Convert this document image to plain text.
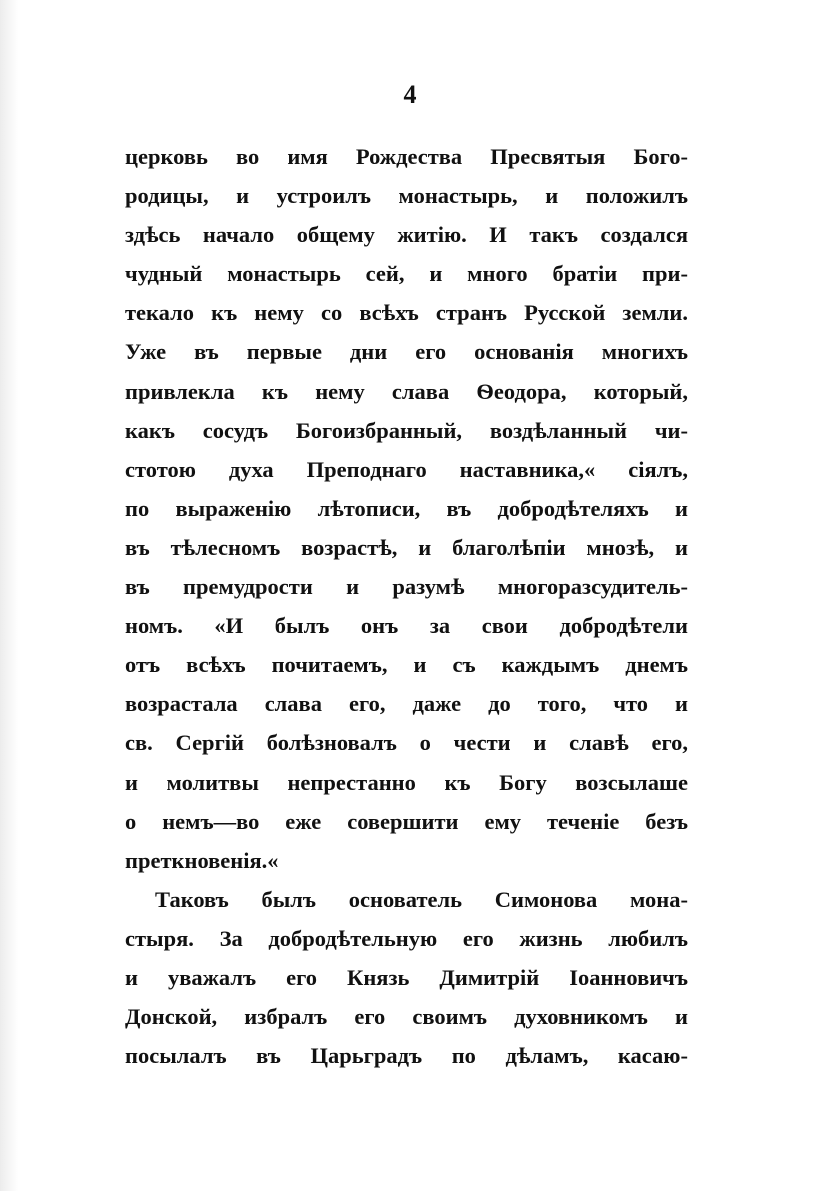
4
церковь во имя Рождества Пресвятыя Бого-
родицы, и устроилъ монастырь, и положилъ
здѣсь начало общему житію. И такъ создался
чудный монастырь сей, и много братіи при-
текало къ нему со всѣхъ странъ Русской земли.
Уже въ первые дни его основанія многихъ
привлекла къ нему слава Ѳеодора, который,
какъ сосудъ Богоизбранный, воздѣланный чи-
стотою духа Преподнаго наставника,« сіялъ,
по выраженію лѣтописи, въ добродѣтеляхъ и
въ тѣлесномъ возрастѣ, и благолѣпіи мнозѣ, и
въ премудрости и разумѣ многоразсудитель-
номъ. «И былъ онъ за свои добродѣтели
отъ всѣхъ почитаемъ, и съ каждымъ днемъ
возрастала слава его, даже до того, что и
св. Сергій болѣзновалъ о чести и славѣ его,
и молитвы непрестанно къ Богу возсылаше
о немъ—во еже совершити ему теченіе безъ
преткновенія.«
Таковъ былъ основатель Симонова мона-
стыря. За добродѣтельную его жизнь любилъ
и уважалъ его Князь Димитрій Іоанновичъ
Донской, избралъ его своимъ духовникомъ и
посылалъ въ Царьградъ по дѣламъ, касаю-
